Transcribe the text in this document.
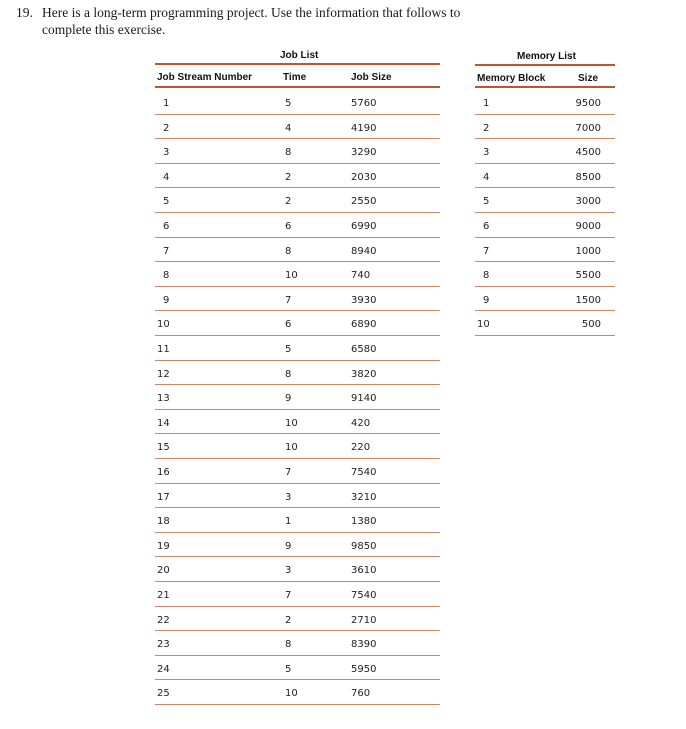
19. Here is a long-term programming project. Use the information that follows to
complete this exercise.
Job List
Job Stream Number	Time	Job Size
1	5	5760
2	4	4190
3	8	3290
4	2	2030
5	2	2550
6	6	6990
7	8	8940
8	10	740
9	7	3930
10	6	6890
11	5	6580
12	8	3820
13	9	9140
14	10	420
15	10	220
16	7	7540
17	3	3210
18	1	1380
19	9	9850
20	3	3610
21	7	7540
22	2	2710
23	8	8390
24	5	5950
25	10	760
Memory List
Memory Block	Size
1	9500
2	7000
3	4500
4	8500
5	3000
6	9000
7	1000
8	5500
9	1500
10	500
